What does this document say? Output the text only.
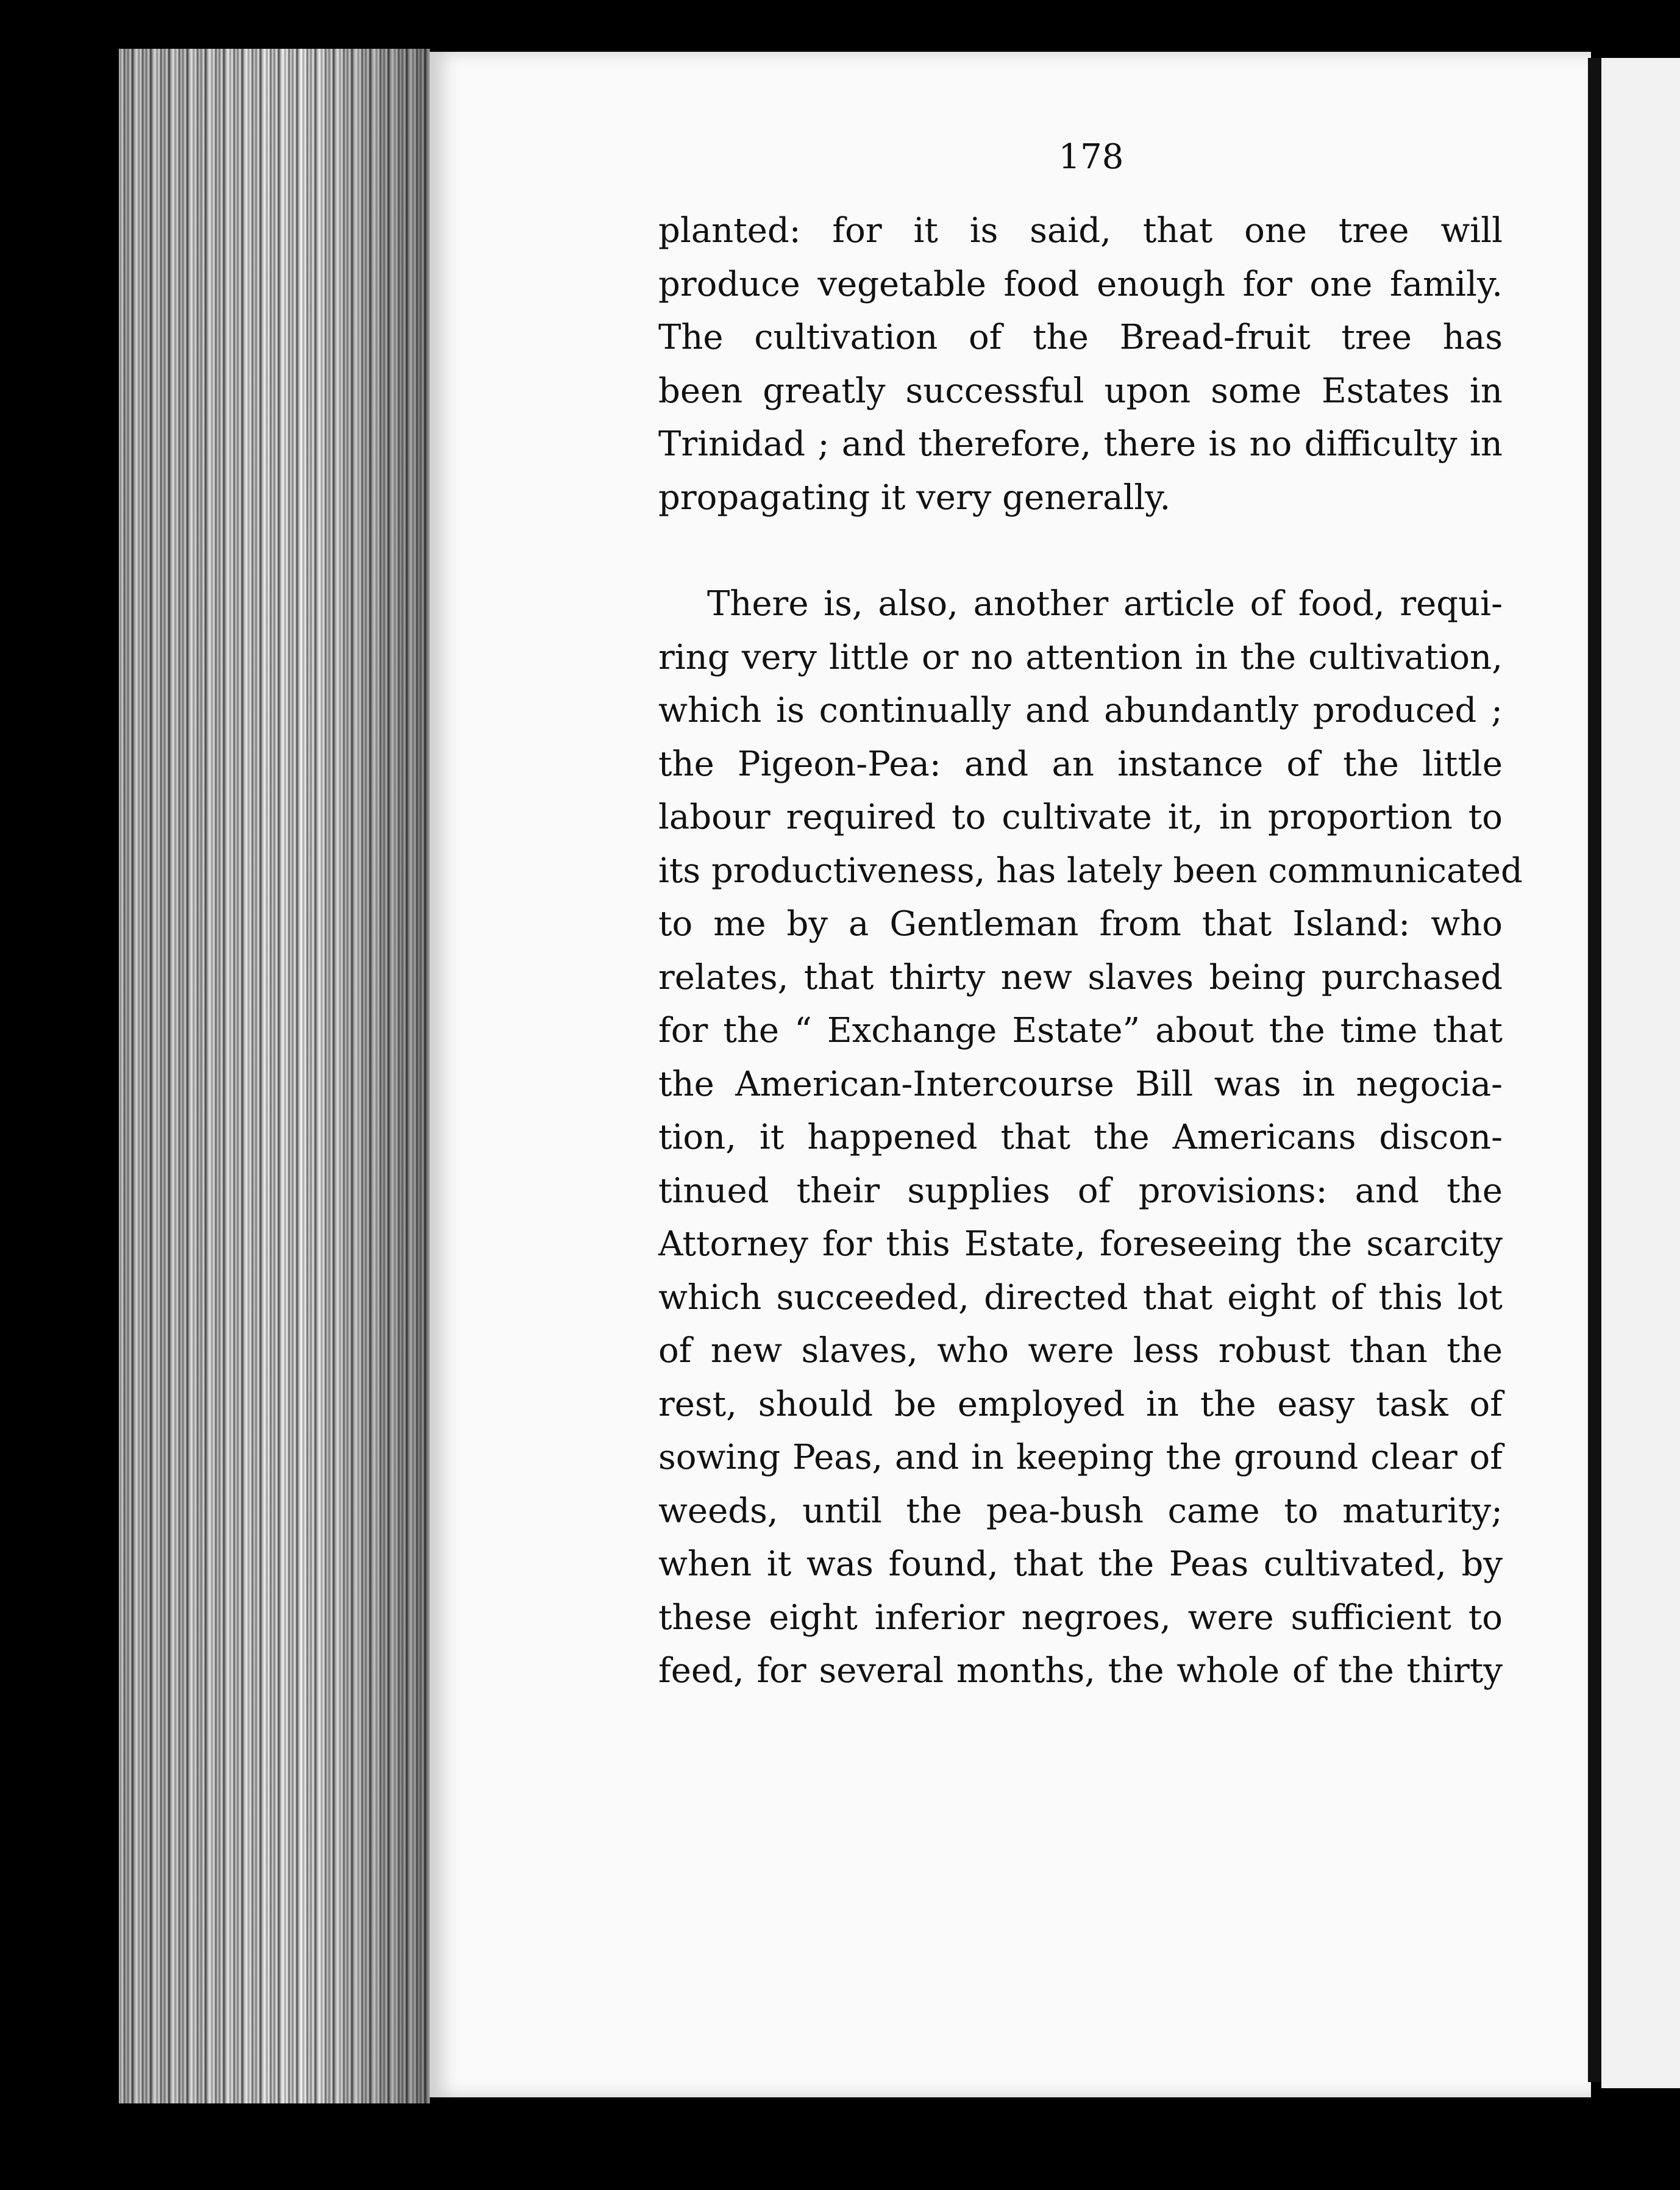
178
planted: for it is said, that one tree will
produce vegetable food enough for one family.
The cultivation of the Bread-fruit tree has
been greatly successful upon some Estates in
Trinidad ; and therefore, there is no difficulty in
propagating it very generally.
There is, also, another article of food, requi-
ring very little or no attention in the cultivation,
which is continually and abundantly produced ;
the Pigeon-Pea: and an instance of the little
labour required to cultivate it, in proportion to
its productiveness, has lately been communicated
to me by a Gentleman from that Island: who
relates, that thirty new slaves being purchased
for the “ Exchange Estate” about the time that
the American-Intercourse Bill was in negocia-
tion, it happened that the Americans discon-
tinued their supplies of provisions: and the
Attorney for this Estate, foreseeing the scarcity
which succeeded, directed that eight of this lot
of new slaves, who were less robust than the
rest, should be employed in the easy task of
sowing Peas, and in keeping the ground clear of
weeds, until the pea-bush came to maturity;
when it was found, that the Peas cultivated, by
these eight inferior negroes, were sufficient to
feed, for several months, the whole of the thirty
